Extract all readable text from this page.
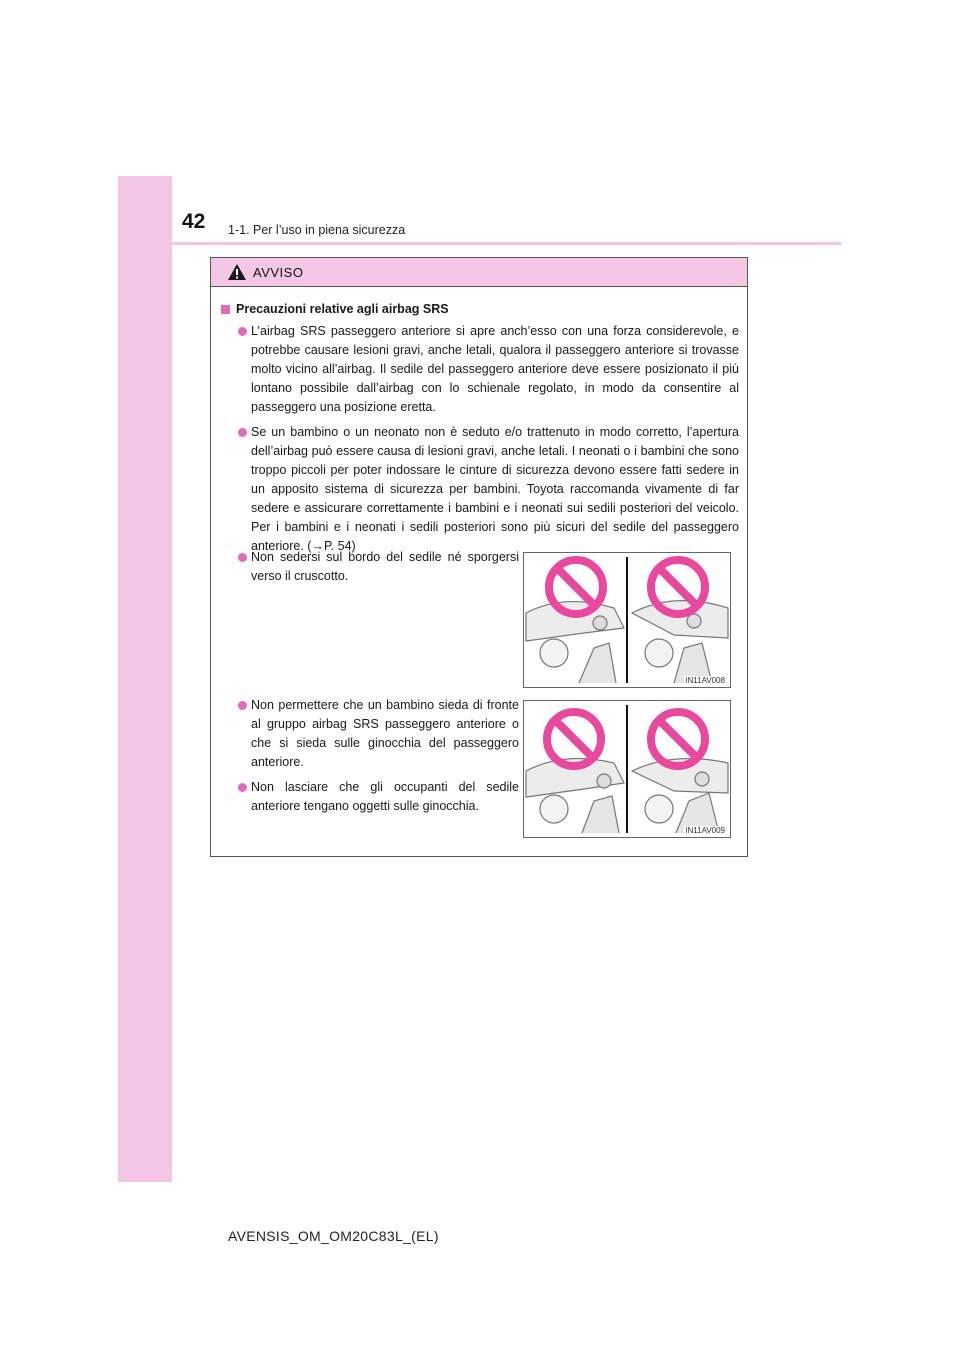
42 1-1. Per l’uso in piena sicurezza
AVVISO
Precauzioni relative agli airbag SRS
L’airbag SRS passeggero anteriore si apre anch’esso con una forza considerevole, e potrebbe causare lesioni gravi, anche letali, qualora il passeggero anteriore si trovasse molto vicino all’airbag. Il sedile del passeggero anteriore deve essere posizionato il più lontano possibile dall’airbag con lo schienale regolato, in modo da consentire al passeggero una posizione eretta.
Se un bambino o un neonato non è seduto e/o trattenuto in modo corretto, l’apertura dell’airbag può essere causa di lesioni gravi, anche letali. I neonati o i bambini che sono troppo piccoli per poter indossare le cinture di sicurezza devono essere fatti sedere in un apposito sistema di sicurezza per bambini. Toyota raccomanda vivamente di far sedere e assicurare correttamente i bambini e i neonati sui sedili posteriori del veicolo. Per i bambini e i neonati i sedili posteriori sono più sicuri del sedile del passeggero anteriore. (→P. 54)
Non sedersi sul bordo del sedile né sporgersi verso il cruscotto.
IN11AV008
Non permettere che un bambino sieda di fronte al gruppo airbag SRS passeggero anteriore o che si sieda sulle ginocchia del passeggero anteriore.
Non lasciare che gli occupanti del sedile anteriore tengano oggetti sulle ginocchia.
IN11AV009
AVENSIS_OM_OM20C83L_(EL)
